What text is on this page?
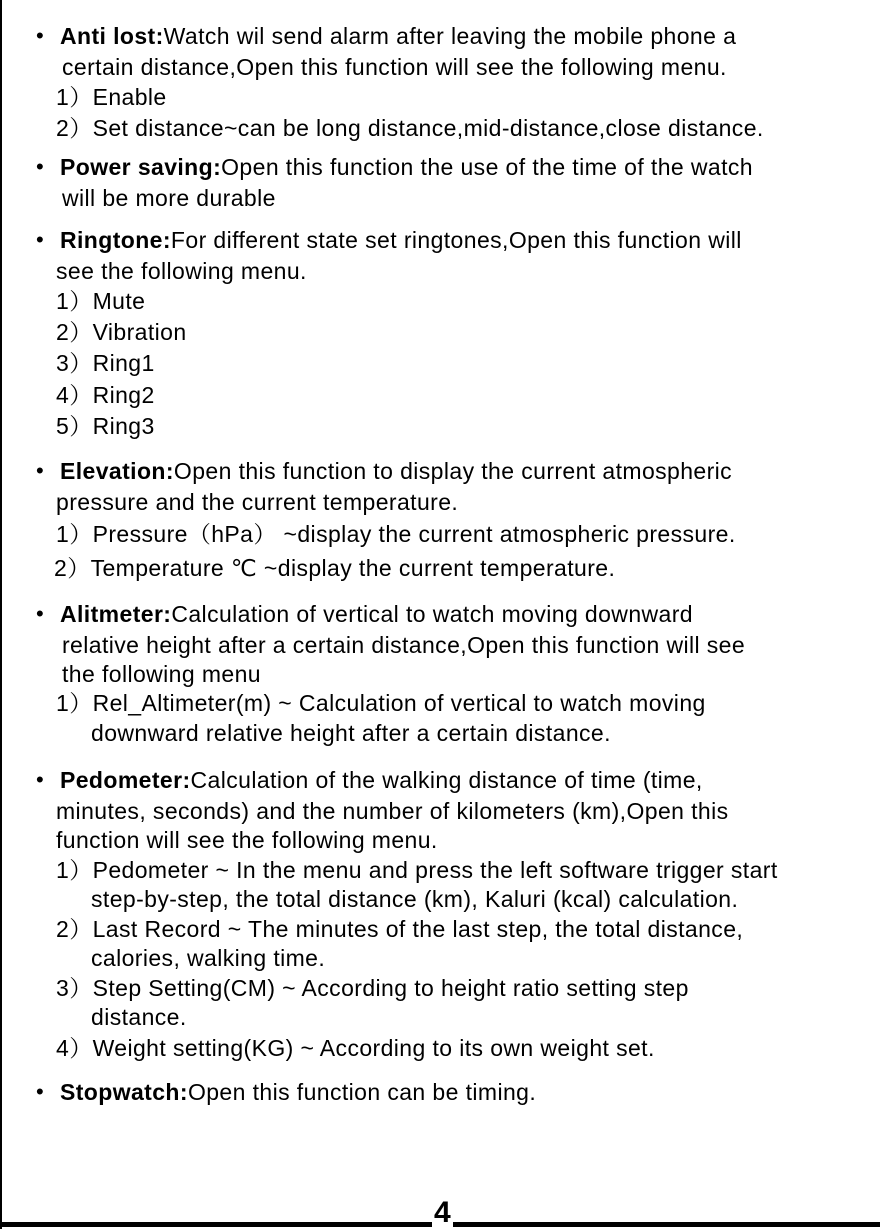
• Anti lost:Watch wil send alarm after leaving the mobile phone a
certain distance,Open this function will see the following menu.
1）Enable
2）Set distance~can be long distance,mid-distance,close distance.
• Power saving:Open this function the use of the time of the watch
will be more durable
• Ringtone:For different state set ringtones,Open this function will
see the following menu.
1）Mute
2）Vibration
3）Ring1
4）Ring2
5）Ring3
• Elevation:Open this function to display the current atmospheric
pressure and the current temperature.
1）Pressure（hPa） ~display the current atmospheric pressure.
2）Temperature ℃ ~display the current temperature.
• Alitmeter:Calculation of vertical to watch moving downward
relative height after a certain distance,Open this function will see
the following menu
1）Rel_Altimeter(m) ~ Calculation of vertical to watch moving
downward relative height after a certain distance.
• Pedometer:Calculation of the walking distance of time (time,
minutes, seconds) and the number of kilometers (km),Open this
function will see the following menu.
1）Pedometer ~ In the menu and press the left software trigger start
step-by-step, the total distance (km), Kaluri (kcal) calculation.
2）Last Record ~ The minutes of the last step, the total distance,
calories, walking time.
3）Step Setting(CM) ~ According to height ratio setting step
distance.
4）Weight setting(KG) ~ According to its own weight set.
• Stopwatch:Open this function can be timing.
4
